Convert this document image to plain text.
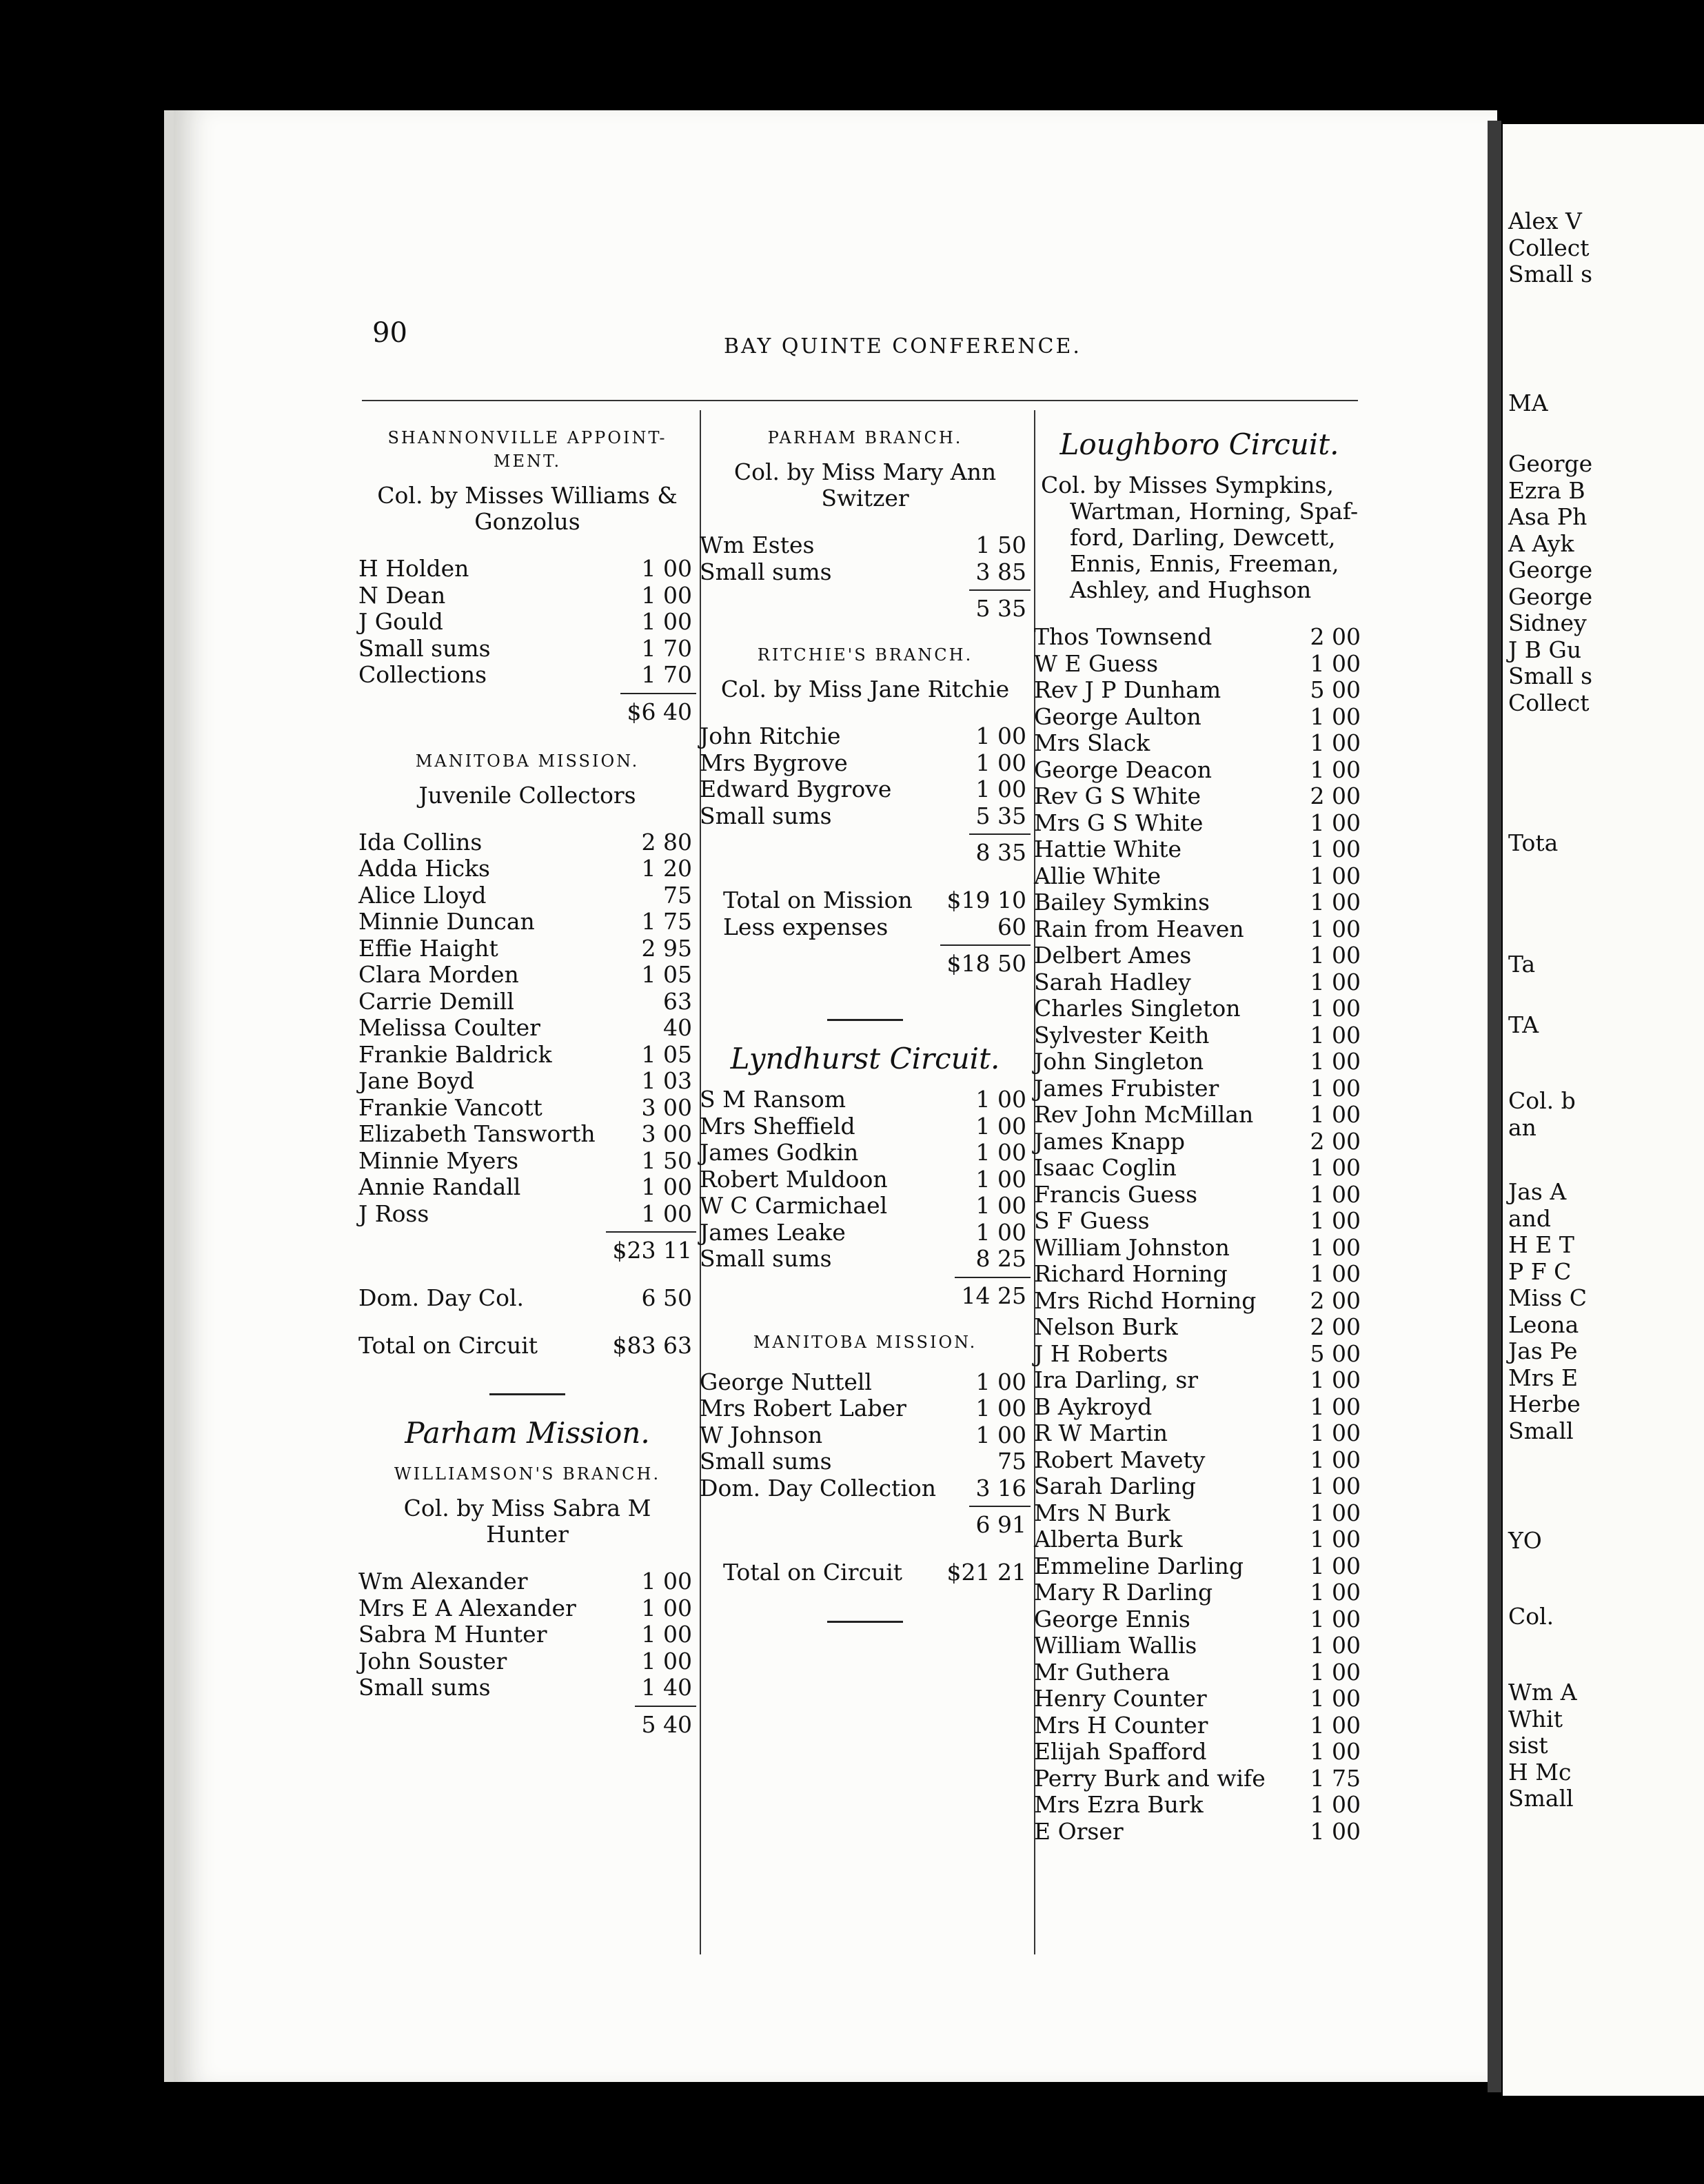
Alex V
Collect
Small s
MA
George
Ezra B
Asa Ph
A Ayk
George
George
Sidney
J B Gu
Small s
Collect
Tota
Ta
TA
Col. b
an
Jas A
and
H E T
P F C
Miss C
Leona
Jas Pe
Mrs E
Herbe
Small
YO
Col.
Wm A
Whit
sist
H Mc
Small
90	BAY QUINTE CONFERENCE.
SHANNONVILLE APPOINT-
MENT.
Col. by Misses Williams &
Gonzolus
H Holden	1 00
N Dean	1 00
J Gould	1 00
Small sums	1 70
Collections	1 70
$6 40
MANITOBA MISSION.
Juvenile Collectors
Ida Collins	2 80
Adda Hicks	1 20
Alice Lloyd	75
Minnie Duncan	1 75
Effie Haight	2 95
Clara Morden	1 05
Carrie Demill	63
Melissa Coulter	40
Frankie Baldrick	1 05
Jane Boyd	1 03
Frankie Vancott	3 00
Elizabeth Tansworth 3 00
Minnie Myers	1 50
Annie Randall	1 00
J Ross	1 00
$23 11
Dom. Day Col.	6 50
Total on Circuit	$83 63
Parham Mission.
WILLIAMSON'S BRANCH.
Col. by Miss Sabra M
Hunter
Wm Alexander	1 00
Mrs E A Alexander	1 00
Sabra M Hunter	1 00
John Souster	1 00
Small sums	1 40
5 40
PARHAM BRANCH.
Col. by Miss Mary Ann
Switzer
Wm Estes	1 50
Small sums	3 85
5 35
RITCHIE'S BRANCH.
Col. by Miss Jane Ritchie
John Ritchie	1 00
Mrs Bygrove	1 00
Edward Bygrove	1 00
Small sums	5 35
8 35
Total on Mission $19 10
Less expenses	60
$18 50
Lyndhurst Circuit.
S M Ransom	1 00
Mrs Sheffield	1 00
James Godkin	1 00
Robert Muldoon	1 00
W C Carmichael	1 00
James Leake	1 00
Small sums	8 25
14 25
MANITOBA MISSION.
George Nuttell	1 00
Mrs Robert Laber	1 00
W Johnson	1 00
Small sums	75
Dom. Day Collection 3 16
6 91
Total on Circuit $21 21
Loughboro Circuit.
Col. by Misses Sympkins,
Wartman, Horning, Spaf-
ford, Darling, Dewcett,
Ennis, Ennis, Freeman,
Ashley, and Hughson
Thos Townsend	2 00
W E Guess	1 00
Rev J P Dunham	5 00
George Aulton	1 00
Mrs Slack	1 00
George Deacon	1 00
Rev G S White	2 00
Mrs G S White	1 00
Hattie White	1 00
Allie White	1 00
Bailey Symkins	1 00
Rain from Heaven	1 00
Delbert Ames	1 00
Sarah Hadley	1 00
Charles Singleton	1 00
Sylvester Keith	1 00
John Singleton	1 00
James Frubister	1 00
Rev John McMillan 1 00
James Knapp	2 00
Isaac Coglin	1 00
Francis Guess	1 00
S F Guess	1 00
William Johnston	1 00
Richard Horning	1 00
Mrs Richd Horning 2 00
Nelson Burk	2 00
J H Roberts	5 00
Ira Darling, sr	1 00
B Aykroyd	1 00
R W Martin	1 00
Robert Mavety	1 00
Sarah Darling	1 00
Mrs N Burk	1 00
Alberta Burk	1 00
Emmeline Darling	1 00
Mary R Darling	1 00
George Ennis	1 00
William Wallis	1 00
Mr Guthera	1 00
Henry Counter	1 00
Mrs H Counter	1 00
Elijah Spafford	1 00
Perry Burk and wife 1 75
Mrs Ezra Burk	1 00
E Orser	1 00
